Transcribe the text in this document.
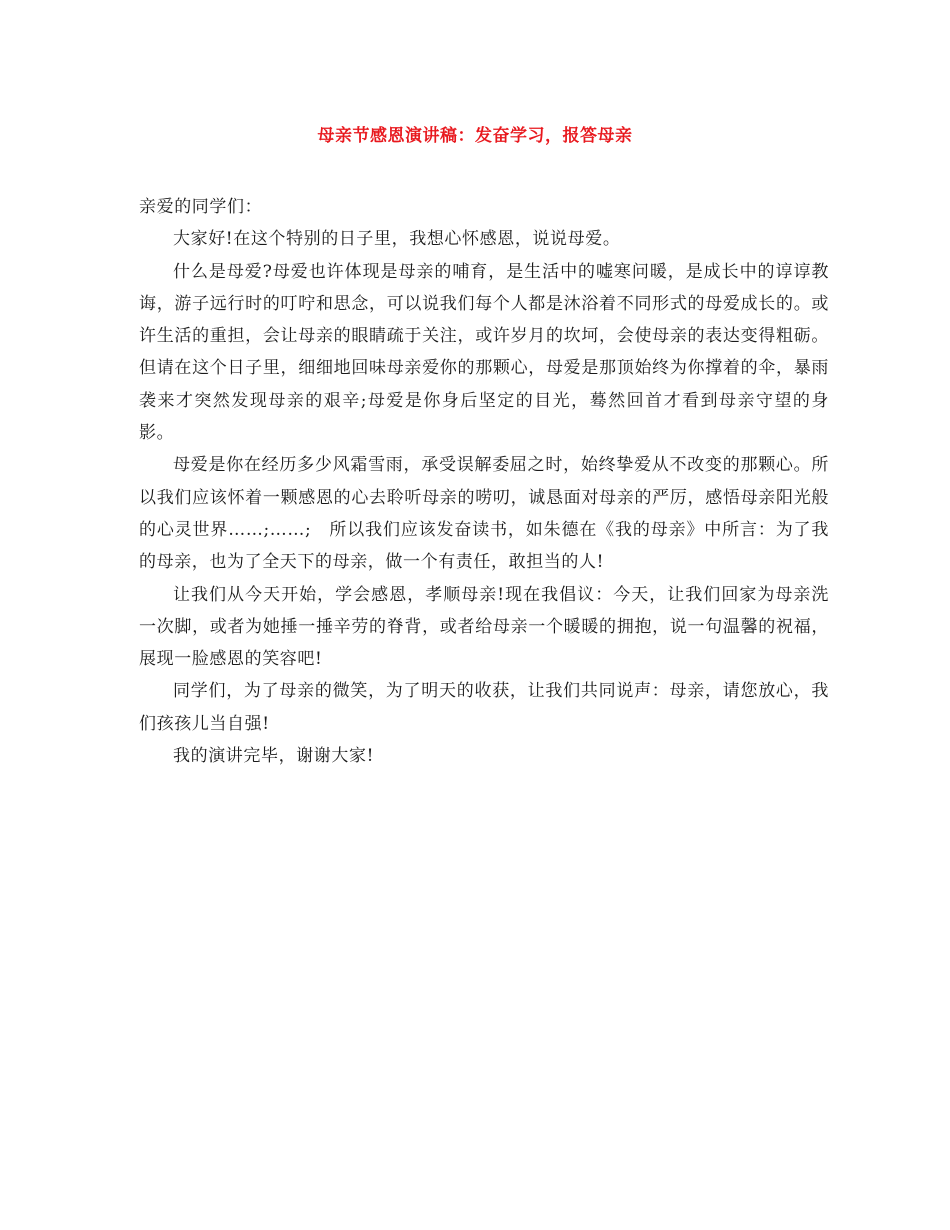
母亲节感恩演讲稿：发奋学习，报答母亲

亲爱的同学们：

大家好!在这个特别的日子里，我想心怀感恩，说说母爱。

什么是母爱?母爱也许体现是母亲的哺育，是生活中的嘘寒问暖，是成长中的谆谆教诲，游子远行时的叮咛和思念，可以说我们每个人都是沐浴着不同形式的母爱成长的。或许生活的重担，会让母亲的眼睛疏于关注，或许岁月的坎坷，会使母亲的表达变得粗砺。但请在这个日子里，细细地回味母亲爱你的那颗心，母爱是那顶始终为你撑着的伞，暴雨袭来才突然发现母亲的艰辛;母爱是你身后坚定的目光，蓦然回首才看到母亲守望的身影。

母爱是你在经历多少风霜雪雨，承受误解委屈之时，始终挚爱从不改变的那颗心。所以我们应该怀着一颗感恩的心去聆听母亲的唠叨，诚恳面对母亲的严厉，感悟母亲阳光般的心灵世界……;……;　所以我们应该发奋读书，如朱德在《我的母亲》中所言：为了我的母亲，也为了全天下的母亲，做一个有责任，敢担当的人!

让我们从今天开始，学会感恩，孝顺母亲!现在我倡议：今天，让我们回家为母亲洗一次脚，或者为她捶一捶辛劳的脊背，或者给母亲一个暖暖的拥抱，说一句温馨的祝福，展现一脸感恩的笑容吧!

同学们，为了母亲的微笑，为了明天的收获，让我们共同说声：母亲，请您放心，我们孩孩儿当自强!

我的演讲完毕，谢谢大家!
